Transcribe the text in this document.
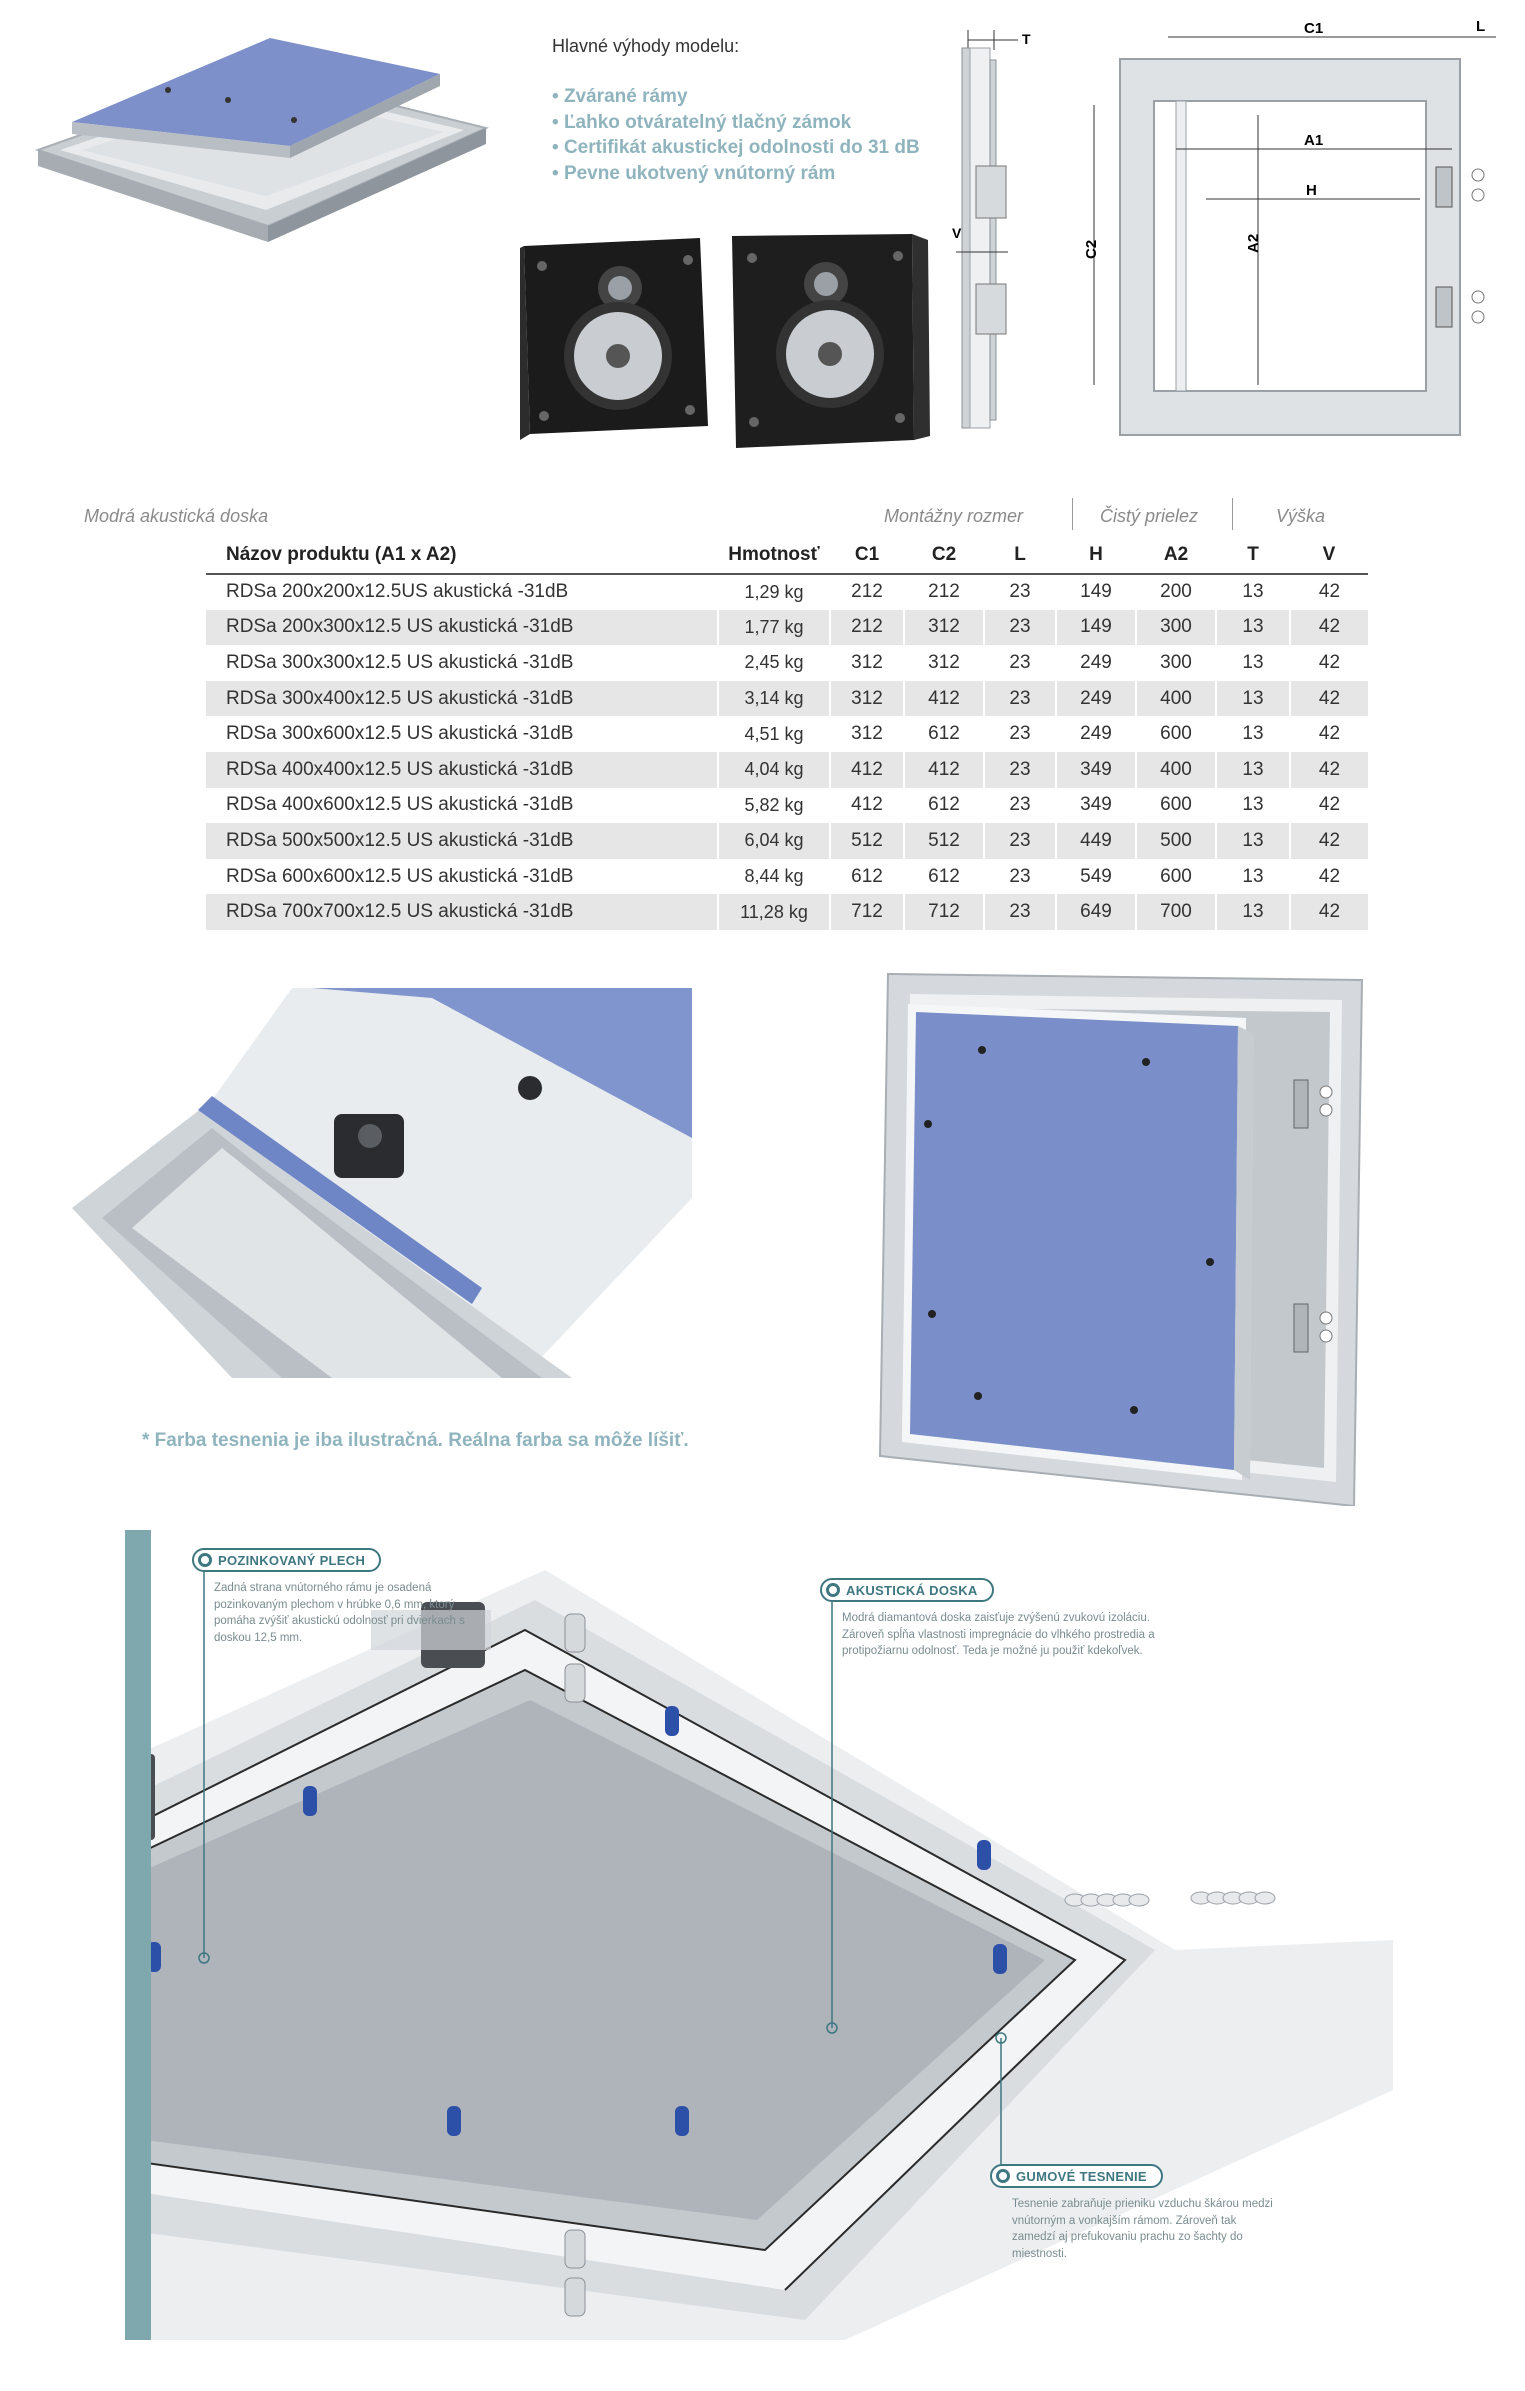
Hlavné výhody modelu:
• Zvárané rámy
• Ľahko otváratelný tlačný zámok
• Certifikát akustickej odolnosti do 31 dB
• Pevne ukotvený vnútorný rám
T
V
C1	L
C2
A1
H
A2
Modrá akustická doska	Montážny rozmer	Čistý prielez	Výška
Názov produktu (A1 x A2)	Hmotnosť	C1	C2	L	H	A2	T	V
RDSa 200x200x12.5US akustická -31dB	1,29 kg	212	212	23	149	200	13	42
RDSa 200x300x12.5 US akustická -31dB	1,77 kg	212	312	23	149	300	13	42
RDSa 300x300x12.5 US akustická -31dB	2,45 kg	312	312	23	249	300	13	42
RDSa 300x400x12.5 US akustická -31dB	3,14 kg	312	412	23	249	400	13	42
RDSa 300x600x12.5 US akustická -31dB	4,51 kg	312	612	23	249	600	13	42
RDSa 400x400x12.5 US akustická -31dB	4,04 kg	412	412	23	349	400	13	42
RDSa 400x600x12.5 US akustická -31dB	5,82 kg	412	612	23	349	600	13	42
RDSa 500x500x12.5 US akustická -31dB	6,04 kg	512	512	23	449	500	13	42
RDSa 600x600x12.5 US akustická -31dB	8,44 kg	612	612	23	549	600	13	42
RDSa 700x700x12.5 US akustická -31dB	11,28 kg	712	712	23	649	700	13	42
* Farba tesnenia je iba ilustračná. Reálna farba sa môže líšiť.
POZINKOVANÝ PLECH
Zadná strana vnútorného rámu je osadená pozinkovaným plechom v hrúbke 0,6 mm, ktorý pomáha zvýšiť akustickú odolnosť pri dvierkach s doskou 12,5 mm.
AKUSTICKÁ DOSKA
Modrá diamantová doska zaisťuje zvýšenú zvukovú izoláciu. Zároveň spĺňa vlastnosti impregnácie do vlhkého prostredia a protipožiarnu odolnosť. Teda je možné ju použiť kdekoľvek.
GUMOVÉ TESNENIE
Tesnenie zabraňuje prieniku vzduchu škárou medzi vnútorným a vonkajším rámom. Zároveň tak zamedzí aj prefukovaniu prachu zo šachty do miestnosti.
